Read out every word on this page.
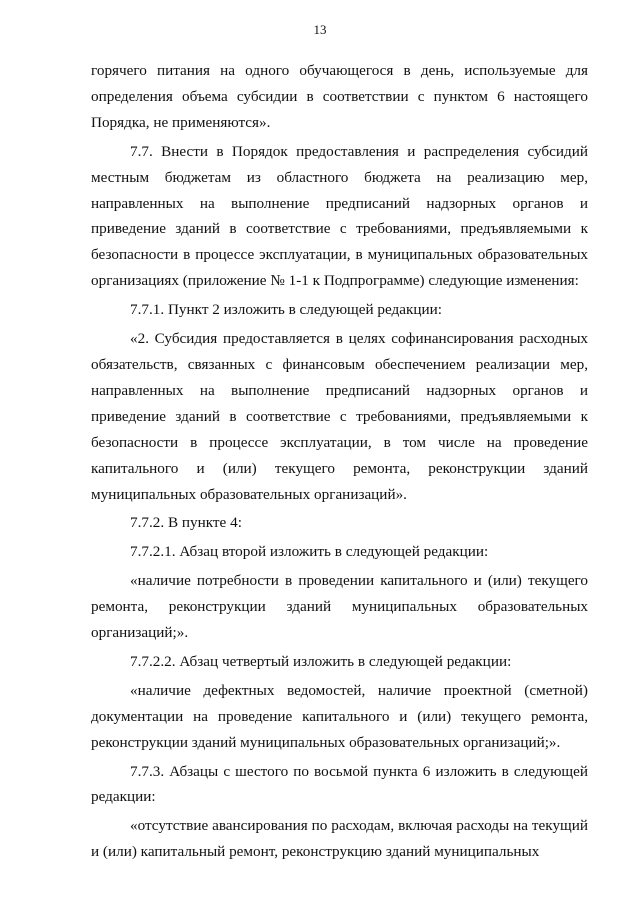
13

горячего питания на одного обучающегося в день, используемые для определения объема субсидии в соответствии с пунктом 6 настоящего Порядка, не применяются».

7.7. Внести в Порядок предоставления и распределения субсидий местным бюджетам из областного бюджета на реализацию мер, направленных на выполнение предписаний надзорных органов и приведение зданий в соответствие с требованиями, предъявляемыми к безопасности в процессе эксплуатации, в муниципальных образовательных организациях (приложение № 1-1 к Подпрограмме) следующие изменения:

7.7.1. Пункт 2 изложить в следующей редакции:

«2. Субсидия предоставляется в целях софинансирования расходных обязательств, связанных с финансовым обеспечением реализации мер, направленных на выполнение предписаний надзорных органов и приведение зданий в соответствие с требованиями, предъявляемыми к безопасности в процессе эксплуатации, в том числе на проведение капитального и (или) текущего ремонта, реконструкции зданий муниципальных образовательных организаций».

7.7.2. В пункте 4:

7.7.2.1. Абзац второй изложить в следующей редакции:

«наличие потребности в проведении капитального и (или) текущего ремонта, реконструкции зданий муниципальных образовательных организаций;».

7.7.2.2. Абзац четвертый изложить в следующей редакции:

«наличие дефектных ведомостей, наличие проектной (сметной) документации на проведение капитального и (или) текущего ремонта, реконструкции зданий муниципальных образовательных организаций;».

7.7.3. Абзацы с шестого по восьмой пункта 6 изложить в следующей редакции:

«отсутствие авансирования по расходам, включая расходы на текущий и (или) капитальный ремонт, реконструкцию зданий муниципальных
